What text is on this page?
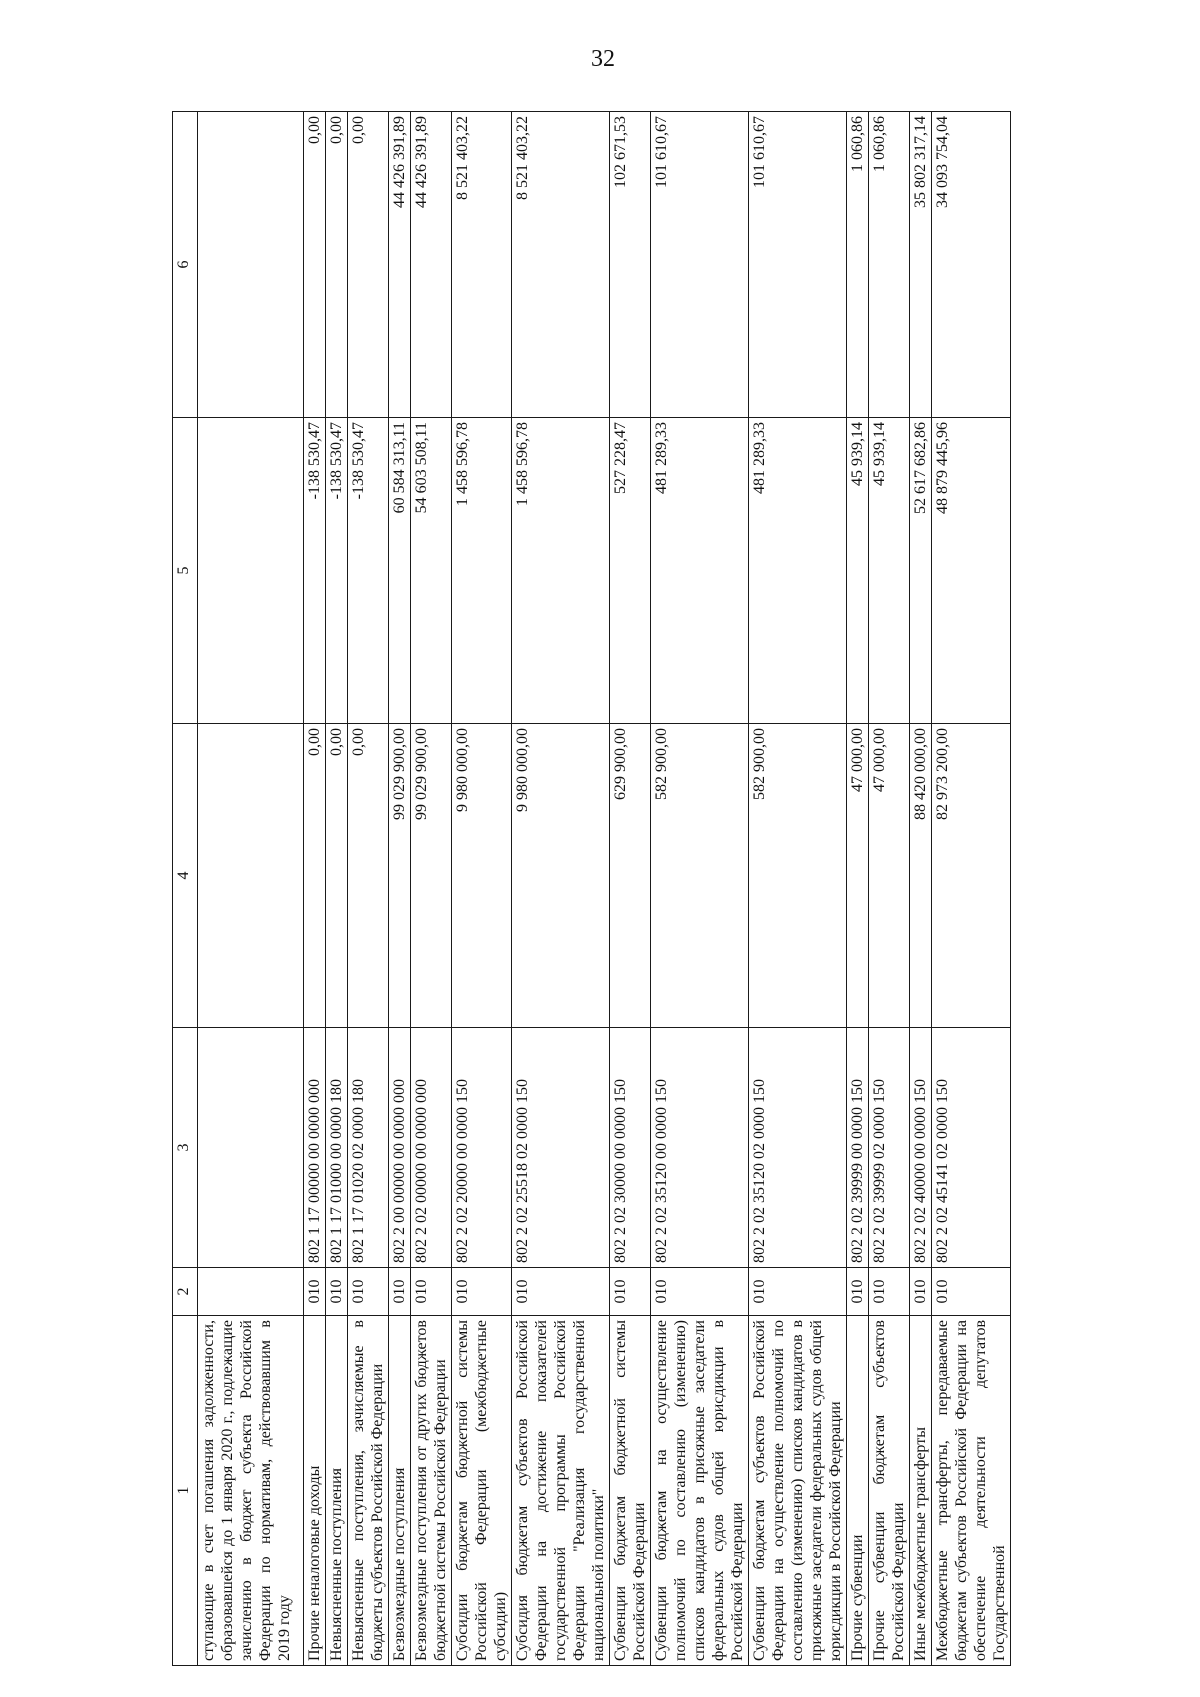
32
1	2	3	4	5	6
ступающие в счет погашения задолженности, образовавшейся до 1 января 2020 г., подлежащие зачислению в бюджет субъекта Российской Федерации по нормативам, действовавшим в 2019 году					
Прочие неналоговые доходы	010	802 1 17 00000 00 0000 000	0,00	-138 530,47	0,00
Невыясненные поступления	010	802 1 17 01000 00 0000 180	0,00	-138 530,47	0,00
Невыясненные поступления, зачисляемые в бюджеты субъектов Российской Федерации	010	802 1 17 01020 02 0000 180	0,00	-138 530,47	0,00
Безвозмездные поступления	010	802 2 00 00000 00 0000 000	99 029 900,00	60 584 313,11	44 426 391,89
Безвозмездные поступления от других бюджетов бюджетной системы Российской Федерации	010	802 2 02 00000 00 0000 000	99 029 900,00	54 603 508,11	44 426 391,89
Субсидии бюджетам бюджетной системы Российской Федерации (межбюджетные субсидии)	010	802 2 02 20000 00 0000 150	9 980 000,00	1 458 596,78	8 521 403,22
Субсидия бюджетам субъектов Российской Федерации на достижение показателей государственной программы Российской Федерации "Реализация государственной национальной политики"	010	802 2 02 25518 02 0000 150	9 980 000,00	1 458 596,78	8 521 403,22
Субвенции бюджетам бюджетной системы Российской Федерации	010	802 2 02 30000 00 0000 150	629 900,00	527 228,47	102 671,53
Субвенции бюджетам на осуществление полномочий по составлению (изменению) списков кандидатов в присяжные заседатели федеральных судов общей юрисдикции в Российской Федерации	010	802 2 02 35120 00 0000 150	582 900,00	481 289,33	101 610,67
Субвенции бюджетам субъектов Российской Федерации на осуществление полномочий по составлению (изменению) списков кандидатов в присяжные заседатели федеральных судов общей юрисдикции в Российской Федерации	010	802 2 02 35120 02 0000 150	582 900,00	481 289,33	101 610,67
Прочие субвенции	010	802 2 02 39999 00 0000 150	47 000,00	45 939,14	1 060,86
Прочие субвенции бюджетам субъектов Российской Федерации	010	802 2 02 39999 02 0000 150	47 000,00	45 939,14	1 060,86
Иные межбюджетные трансферты	010	802 2 02 40000 00 0000 150	88 420 000,00	52 617 682,86	35 802 317,14
Межбюджетные трансферты, передаваемые бюджетам субъектов Российской Федерации на обеспечение деятельности депутатов Государственной	010	802 2 02 45141 02 0000 150	82 973 200,00	48 879 445,96	34 093 754,04
